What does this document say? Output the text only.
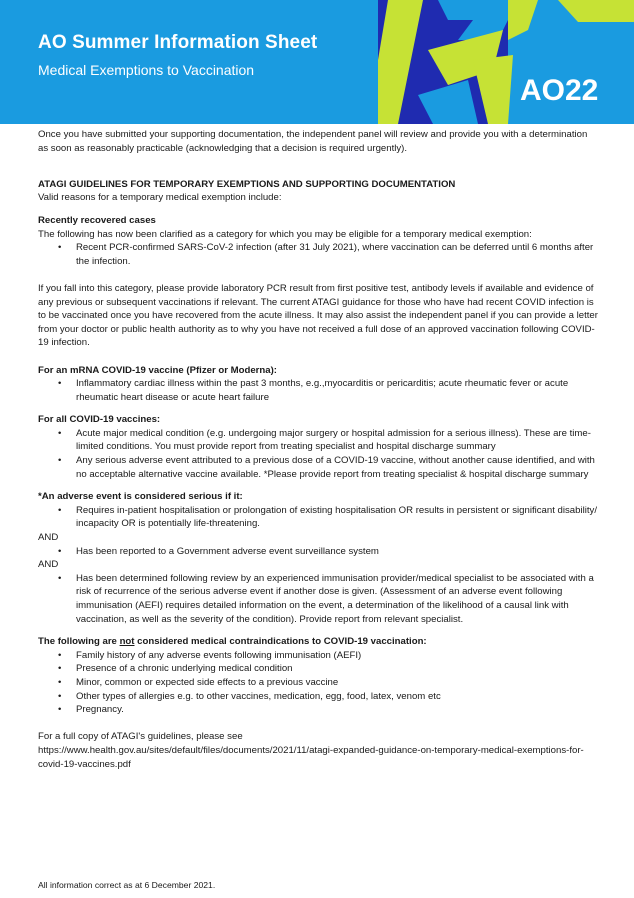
AO Summer Information Sheet
Medical Exemptions to Vaccination
AO22

Once you have submitted your supporting documentation, the independent panel will review and provide you with a determination as soon as reasonably practicable (acknowledging that a decision is required urgently).

ATAGI GUIDELINES FOR TEMPORARY EXEMPTIONS AND SUPPORTING DOCUMENTATION

Valid reasons for a temporary medical exemption include:

Recently recovered cases

The following has now been clarified as a category for which you may be eligible for a temporary medical exemption:

• Recent PCR-confirmed SARS-CoV-2 infection (after 31 July 2021), where vaccination can be deferred until 6 months after the infection.

If you fall into this category, please provide laboratory PCR result from first positive test, antibody levels if available and evidence of any previous or subsequent vaccinations if relevant. The current ATAGI guidance for those who have had recent COVID infection is to be vaccinated once you have recovered from the acute illness. It may also assist the independent panel if you can provide a letter from your doctor or public health authority as to why you have not received a full dose of an approved vaccination following COVID-19 infection.

For an mRNA COVID-19 vaccine (Pfizer or Moderna):

• Inflammatory cardiac illness within the past 3 months, e.g.,myocarditis or pericarditis; acute rheumatic fever or acute rheumatic heart disease or acute heart failure

For all COVID-19 vaccines:

• Acute major medical condition (e.g. undergoing major surgery or hospital admission for a serious illness). These are time-limited conditions. You must provide report from treating specialist and hospital discharge summary
• Any serious adverse event attributed to a previous dose of a COVID-19 vaccine, without another cause identified, and with no acceptable alternative vaccine available. *Please provide report from treating specialist & hospital discharge summary

*An adverse event is considered serious if it:

• Requires in-patient hospitalisation or prolongation of existing hospitalisation OR results in persistent or significant disability/ incapacity OR is potentially life-threatening.

AND

• Has been reported to a Government adverse event surveillance system

AND

• Has been determined following review by an experienced immunisation provider/medical specialist to be associated with a risk of recurrence of the serious adverse event if another dose is given. (Assessment of an adverse event following immunisation (AEFI) requires detailed information on the event, a determination of the likelihood of a causal link with vaccination, as well as the severity of the condition). Provide report from relevant specialist.

The following are not considered medical contraindications to COVID-19 vaccination:

• Family history of any adverse events following immunisation (AEFI)
• Presence of a chronic underlying medical condition
• Minor, common or expected side effects to a previous vaccine
• Other types of allergies e.g. to other vaccines, medication, egg, food, latex, venom etc
• Pregnancy.

For a full copy of ATAGI's guidelines, please see

https://www.health.gov.au/sites/default/files/documents/2021/11/atagi-expanded-guidance-on-temporary-medical-exemptions-for-covid-19-vaccines.pdf

All information correct as at 6 December 2021.
